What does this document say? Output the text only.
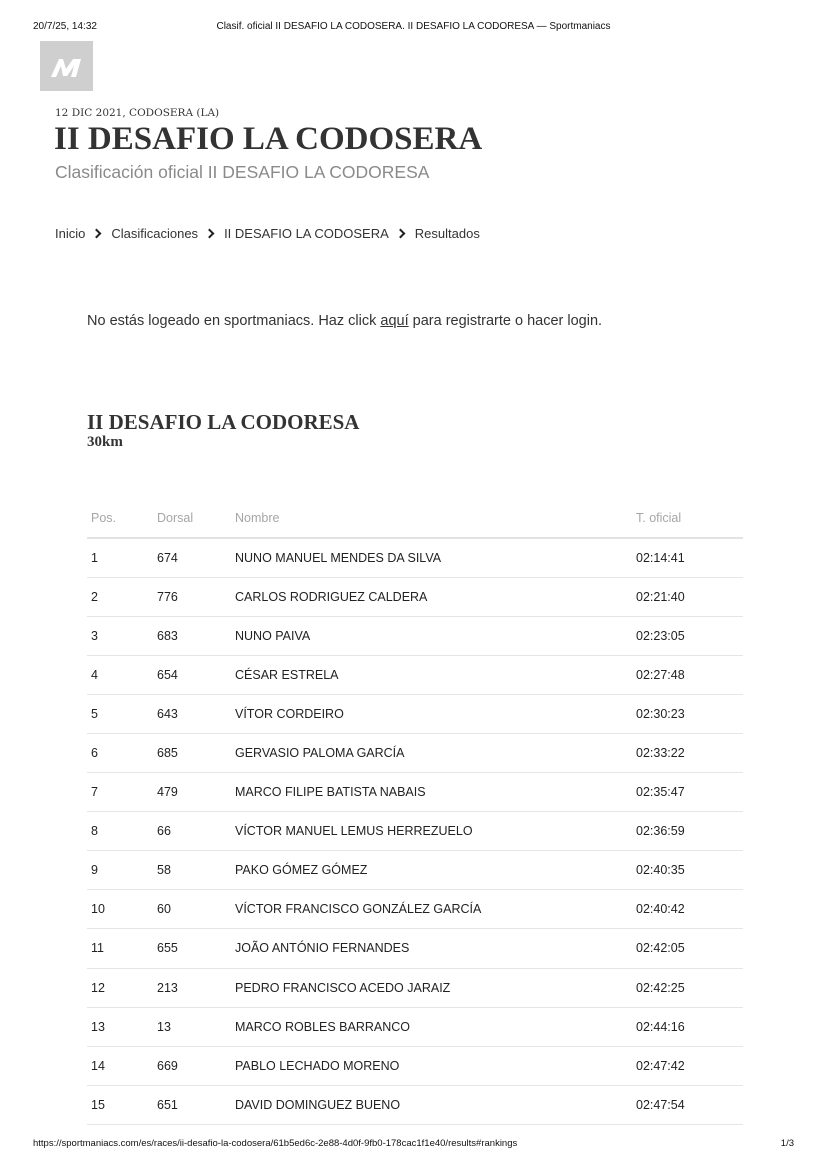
20/7/25, 14:32	Clasif. oficial II DESAFIO LA CODOSERA. II DESAFIO LA CODORESA — Sportmaniacs
12 DIC 2021, CODOSERA (LA)
II DESAFIO LA CODOSERA
Clasificación oficial II DESAFIO LA CODORESA
Inicio Clasificaciones II DESAFIO LA CODOSERA Resultados

No estás logeado en sportmaniacs. Haz click aquí para registrarte o hacer login.

II DESAFIO LA CODORESA
30km
Pos.	Dorsal	Nombre	T. oficial
1	674	NUNO MANUEL MENDES DA SILVA	02:14:41
2	776	CARLOS RODRIGUEZ CALDERA	02:21:40
3	683	NUNO PAIVA	02:23:05
4	654	CÉSAR ESTRELA	02:27:48
5	643	VÍTOR CORDEIRO	02:30:23
6	685	GERVASIO PALOMA GARCÍA	02:33:22
7	479	MARCO FILIPE BATISTA NABAIS	02:35:47
8	66	VÍCTOR MANUEL LEMUS HERREZUELO	02:36:59
9	58	PAKO GÓMEZ GÓMEZ	02:40:35
10	60	VÍCTOR FRANCISCO GONZÁLEZ GARCÍA	02:40:42
11	655	JOÃO ANTÓNIO FERNANDES	02:42:05
12	213	PEDRO FRANCISCO ACEDO JARAIZ	02:42:25
13	13	MARCO ROBLES BARRANCO	02:44:16
14	669	PABLO LECHADO MORENO	02:47:42
15	651	DAVID DOMINGUEZ BUENO	02:47:54
https://sportmaniacs.com/es/races/ii-desafio-la-codosera/61b5ed6c-2e88-4d0f-9fb0-178cac1f1e40/results#rankings	1/3
